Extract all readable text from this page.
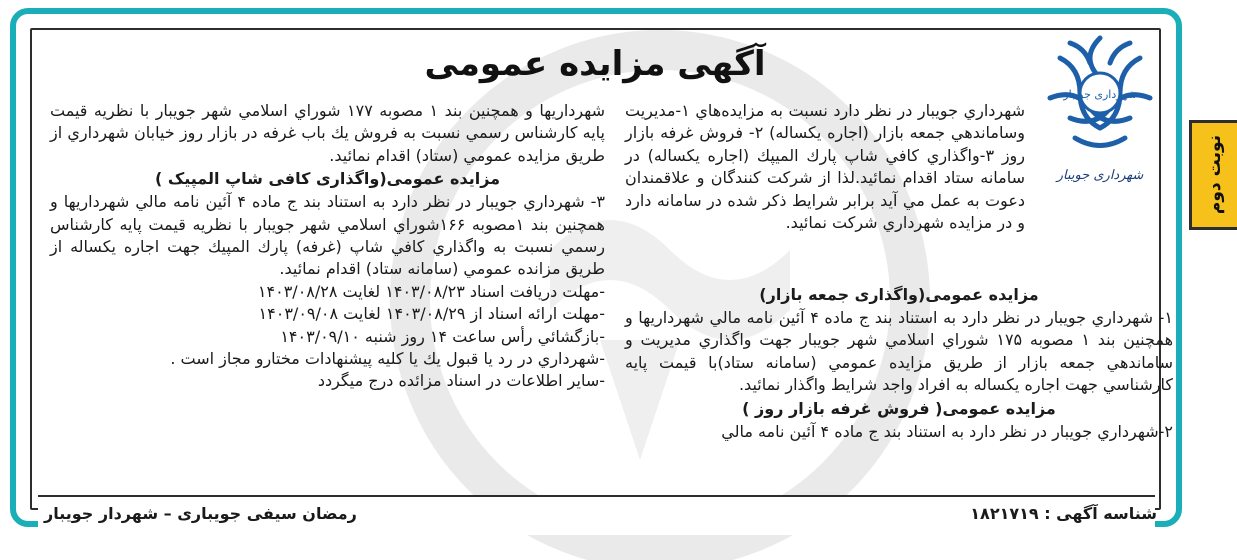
نوبت دوم
شهرداری جویبار
شهرداری جویبار
آگهی مزایده عمومی

شهرداري جويبار در نظر دارد نسبت به مزايده‌هاي ۱-مديريت وساماندهي جمعه بازار (اجاره يكساله) ۲- فروش غرفه بازار روز ۳-واگذاري كافي شاپ پارك الميپك (اجاره يكساله) در سامانه ستاد اقدام نمائيد.لذا از شركت كنندگان و علاقمندان دعوت به عمل مي آيد برابر شرايط ذكر شده در سامانه دارد و در مزايده شهرداري شركت نمائيد.

مزایده عمومی(واگذاری جمعه بازار)

۱- شهرداري جويبار در نظر دارد به استناد بند ج ماده ۴ آئين نامه مالي شهرداريها و همچنين بند ۱ مصوبه ۱۷۵ شوراي اسلامي شهر جويبار جهت واگذاري مديريت و ساماندهي جمعه بازار از طريق مزايده عمومي (سامانه ستاد)با قيمت پايه كارشناسي جهت اجاره يكساله به افراد واجد شرايط واگذار نمائيد.

مزایده عمومی( فروش غرفه بازار روز )

۲-شهرداري جويبار در نظر دارد به استناد بند ج ماده ۴ آئين نامه مالي

شهرداريها و همچنين بند ۱ مصوبه ۱۷۷ شوراي اسلامي شهر جويبار با نظريه قيمت پايه كارشناس رسمي نسبت به فروش يك باب غرفه در بازار روز خيابان شهرداري از طريق مزايده عمومي (ستاد) اقدام نمائيد.

مزایده عمومی(واگذاری کافی شاپ المپیک )

۳- شهرداري جويبار در نظر دارد به استناد بند ج ماده ۴ آئين نامه مالي شهرداريها و همچنين بند ۱مصوبه ۱۶۶شوراي اسلامي شهر جويبار با نظريه قيمت پايه كارشناس رسمي نسبت به واگذاري كافي شاپ (غرفه) پارك المپيك جهت اجاره يكساله از طريق مزانده عمومي (سامانه ستاد) اقدام نمائيد.

-مهلت دريافت اسناد ۱۴۰۳/۰۸/۲۳ لغايت ۱۴۰۳/۰۸/۲۸

-مهلت ارائه اسناد از ۱۴۰۳/۰۸/۲۹ لغايت ۱۴۰۳/۰۹/۰۸

-بازگشائي رأس ساعت ۱۴ روز شنبه ۱۴۰۳/۰۹/۱۰

-شهرداري در رد يا قبول يك يا كليه پيشنهادات مختارو مجاز است .

-ساير اطلاعات در اسناد مزائده درج ميگردد

شناسه آگهی : ۱۸۲۱۷۱۹
رمضان سیفی جویباری – شهردار جویبار
